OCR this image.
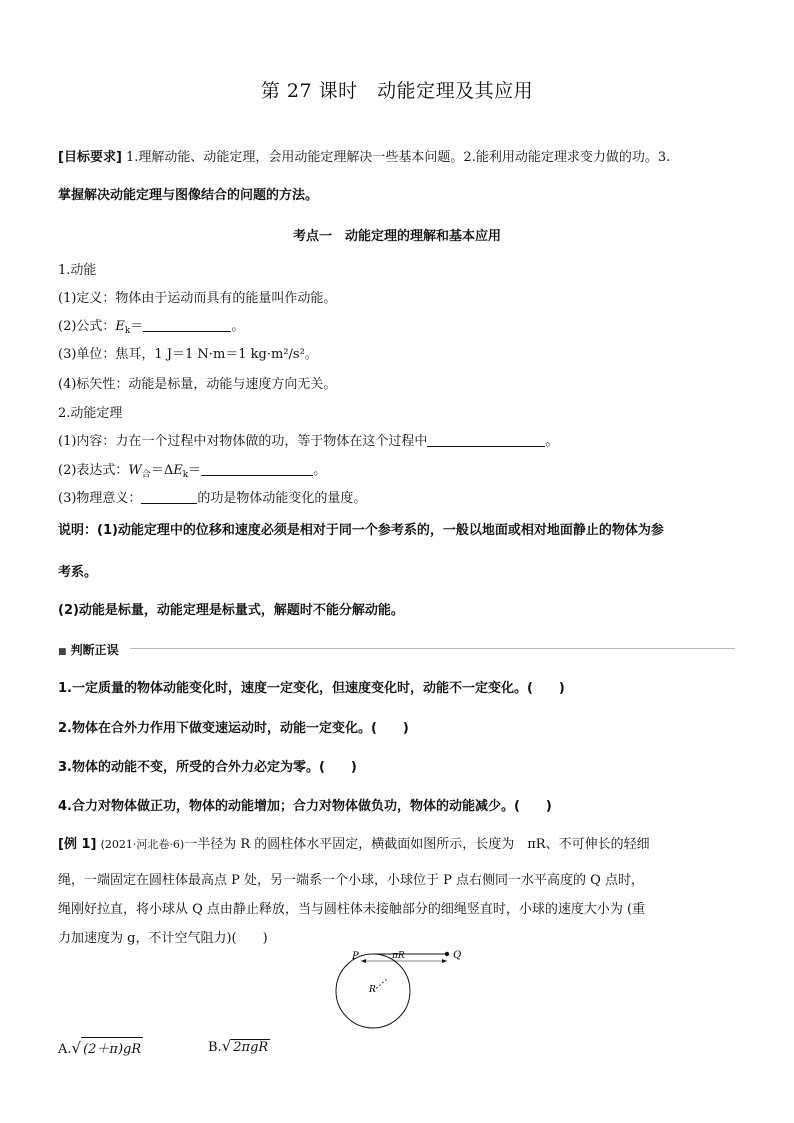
第 27 课时　动能定理及其应用
[目标要求] 1.理解动能、动能定理，会用动能定理解决一些基本问题。2.能利用动能定理求变力做的功。3.
掌握解决动能定理与图像结合的问题的方法。
考点一　动能定理的理解和基本应用
1.动能
(1)定义：物体由于运动而具有的能量叫作动能。
(2)公式：$E_k=$	。
(3)单位：焦耳，1 J＝1 N·m＝1 kg·m²/s²。
(4)标矢性：动能是标量，动能与速度方向无关。
2.动能定理
(1)内容：力在一个过程中对物体做的功，等于物体在这个过程中	。
(2)表达式：$W_合=\Delta E_k=$	。
(3)物理意义：	的功是物体动能变化的量度。
说明：(1)动能定理中的位移和速度必须是相对于同一个参考系的，一般以地面或相对地面静止的物体为参
考系。
(2)动能是标量，动能定理是标量式，解题时不能分解动能。
■ 判断正误
1.一定质量的物体动能变化时，速度一定变化，但速度变化时，动能不一定变化。(　　)
2.物体在合外力作用下做变速运动时，动能一定变化。(　　)
3.物体的动能不变，所受的合外力必定为零。(　　)
4.合力对物体做正功，物体的动能增加；合力对物体做负功，物体的动能减少。(　　)
[例 1] (2021·河北卷·6)一半径为 R 的圆柱体水平固定，横截面如图所示，长度为　πR、不可伸长的轻细
绳，一端固定在圆柱体最高点 P 处，另一端系一个小球，小球位于 P 点右侧同一水平高度的 Q 点时，
绳刚好拉直，将小球从 Q 点由静止释放，当与圆柱体未接触部分的细绳竖直时，小球的速度大小为 (重
力加速度为 g，不计空气阻力)(　　)
P	Q
πR
R
A.√ (2＋π)gR	B.√ 2πgR
